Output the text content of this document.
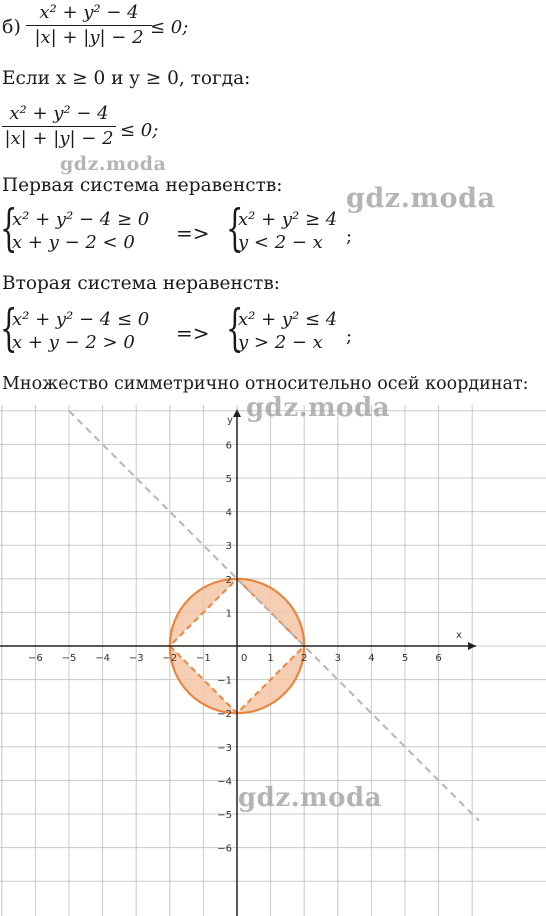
б)
x² + y² − 4
|x| + |y| − 2 ≤ 0;
Если x ≥ 0 и y ≥ 0, тогда:
x² + y² − 4
|x| + |y| − 2 ≤ 0;
Первая система неравенств:
{
x² + y² − 4 ≥ 0
x + y − 2 < 0	=> {
x² + y² ≥ 4
y < 2 − x	;
Вторая система неравенств:
{
x² + y² − 4 ≤ 0
x + y − 2 > 0	=> {
x² + y² ≤ 4
y > 2 − x	;
Множество симметрично относительно осей координат:
x
y
−6 −5 −4 −3 −2 −1	1	2	3	4	5	6
6
5
4
3
2
1
−1
−2
−3
−4
−5
−6
0
gdz.moda
gdz.moda
gdz.moda
gdz.moda
